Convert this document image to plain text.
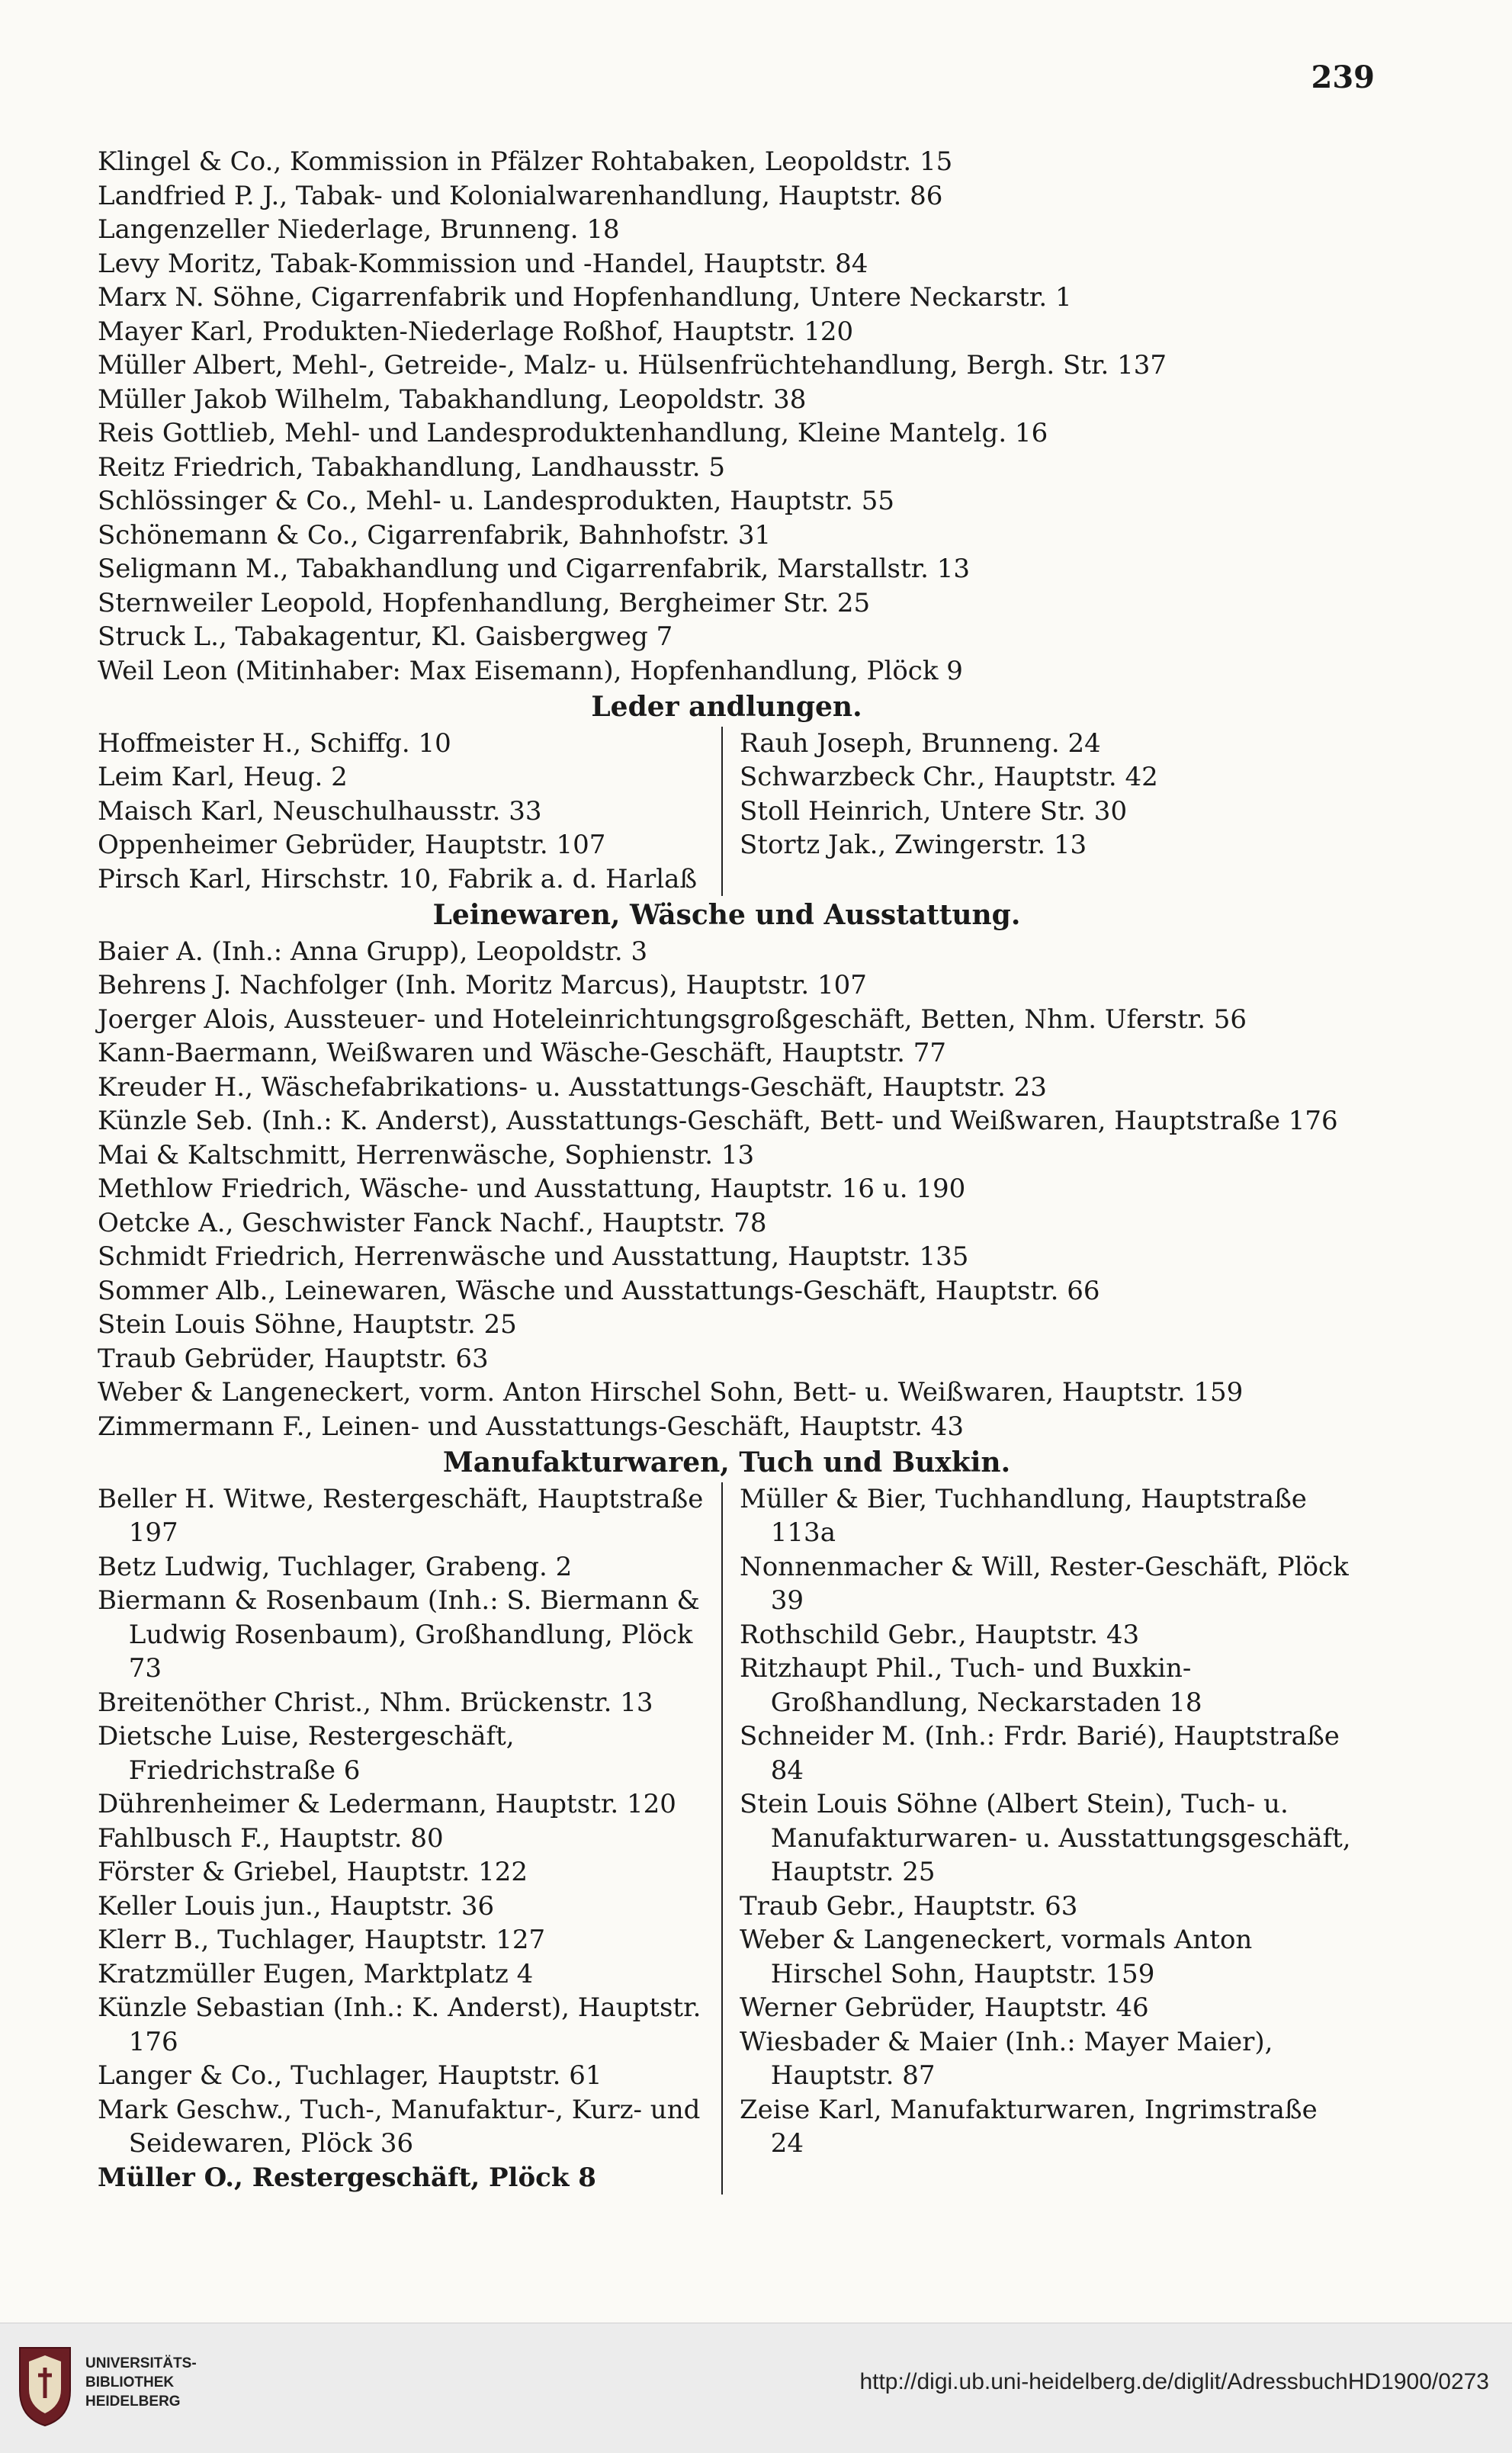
239
Klingel & Co., Kommission in Pfälzer Rohtabaken, Leopoldstr. 15
Landfried P. J., Tabak- und Kolonialwarenhandlung, Hauptstr. 86
Langenzeller Niederlage, Brunneng. 18
Levy Moritz, Tabak-Kommission und -Handel, Hauptstr. 84
Marx N. Söhne, Cigarrenfabrik und Hopfenhandlung, Untere Neckarstr. 1
Mayer Karl, Produkten-Niederlage Roßhof, Hauptstr. 120
Müller Albert, Mehl-, Getreide-, Malz- u. Hülsenfrüchtehandlung, Bergh. Str. 137
Müller Jakob Wilhelm, Tabakhandlung, Leopoldstr. 38
Reis Gottlieb, Mehl- und Landesproduktenhandlung, Kleine Mantelg. 16
Reitz Friedrich, Tabakhandlung, Landhausstr. 5
Schlössinger & Co., Mehl- u. Landesprodukten, Hauptstr. 55
Schönemann & Co., Cigarrenfabrik, Bahnhofstr. 31
Seligmann M., Tabakhandlung und Cigarrenfabrik, Marstallstr. 13
Sternweiler Leopold, Hopfenhandlung, Bergheimer Str. 25
Struck L., Tabakagentur, Kl. Gaisbergweg 7
Weil Leon (Mitinhaber: Max Eisemann), Hopfenhandlung, Plöck 9
Leder andlungen.
Hoffmeister H., Schiffg. 10
Leim Karl, Heug. 2
Maisch Karl, Neuschulhausstr. 33
Oppenheimer Gebrüder, Hauptstr. 107
Pirsch Karl, Hirschstr. 10, Fabrik a. d. Harlaß
Rauh Joseph, Brunneng. 24
Schwarzbeck Chr., Hauptstr. 42
Stoll Heinrich, Untere Str. 30
Stortz Jak., Zwingerstr. 13
Leinewaren, Wäsche und Ausstattung.
Baier A. (Inh.: Anna Grupp), Leopoldstr. 3
Behrens J. Nachfolger (Inh. Moritz Marcus), Hauptstr. 107
Joerger Alois, Aussteuer- und Hoteleinrichtungsgroßgeschäft, Betten, Nhm. Uferstr. 56
Kann-Baermann, Weißwaren und Wäsche-Geschäft, Hauptstr. 77
Kreuder H., Wäschefabrikations- u. Ausstattungs-Geschäft, Hauptstr. 23
Künzle Seb. (Inh.: K. Anderst), Ausstattungs-Geschäft, Bett- und Weißwaren, Hauptstraße 176
Mai & Kaltschmitt, Herrenwäsche, Sophienstr. 13
Methlow Friedrich, Wäsche- und Ausstattung, Hauptstr. 16 u. 190
Oetcke A., Geschwister Fanck Nachf., Hauptstr. 78
Schmidt Friedrich, Herrenwäsche und Ausstattung, Hauptstr. 135
Sommer Alb., Leinewaren, Wäsche und Ausstattungs-Geschäft, Hauptstr. 66
Stein Louis Söhne, Hauptstr. 25
Traub Gebrüder, Hauptstr. 63
Weber & Langeneckert, vorm. Anton Hirschel Sohn, Bett- u. Weißwaren, Hauptstr. 159
Zimmermann F., Leinen- und Ausstattungs-Geschäft, Hauptstr. 43
Manufakturwaren, Tuch und Buxkin.
Beller H. Witwe, Restergeschäft, Hauptstraße 197
Betz Ludwig, Tuchlager, Grabeng. 2
Biermann & Rosenbaum (Inh.: S. Biermann & Ludwig Rosenbaum), Großhandlung, Plöck 73
Breitenöther Christ., Nhm. Brückenstr. 13
Dietsche Luise, Restergeschäft, Friedrichstraße 6
Dührenheimer & Ledermann, Hauptstr. 120
Fahlbusch F., Hauptstr. 80
Förster & Griebel, Hauptstr. 122
Keller Louis jun., Hauptstr. 36
Klerr B., Tuchlager, Hauptstr. 127
Kratzmüller Eugen, Marktplatz 4
Künzle Sebastian (Inh.: K. Anderst), Hauptstr. 176
Langer & Co., Tuchlager, Hauptstr. 61
Mark Geschw., Tuch-, Manufaktur-, Kurz- und Seidewaren, Plöck 36
Müller O., Restergeschäft, Plöck 8
Müller & Bier, Tuchhandlung, Hauptstraße 113a
Nonnenmacher & Will, Rester-Geschäft, Plöck 39
Rothschild Gebr., Hauptstr. 43
Ritzhaupt Phil., Tuch- und Buxkin-Großhandlung, Neckarstaden 18
Schneider M. (Inh.: Frdr. Barié), Hauptstraße 84
Stein Louis Söhne (Albert Stein), Tuch- u. Manufakturwaren- u. Ausstattungsgeschäft, Hauptstr. 25
Traub Gebr., Hauptstr. 63
Weber & Langeneckert, vormals Anton Hirschel Sohn, Hauptstr. 159
Werner Gebrüder, Hauptstr. 46
Wiesbader & Maier (Inh.: Mayer Maier), Hauptstr. 87
Zeise Karl, Manufakturwaren, Ingrimstraße 24
UNIVERSITÄTS-
BIBLIOTHEK
HEIDELBERG
http://digi.ub.uni-heidelberg.de/diglit/AdressbuchHD1900/0273
